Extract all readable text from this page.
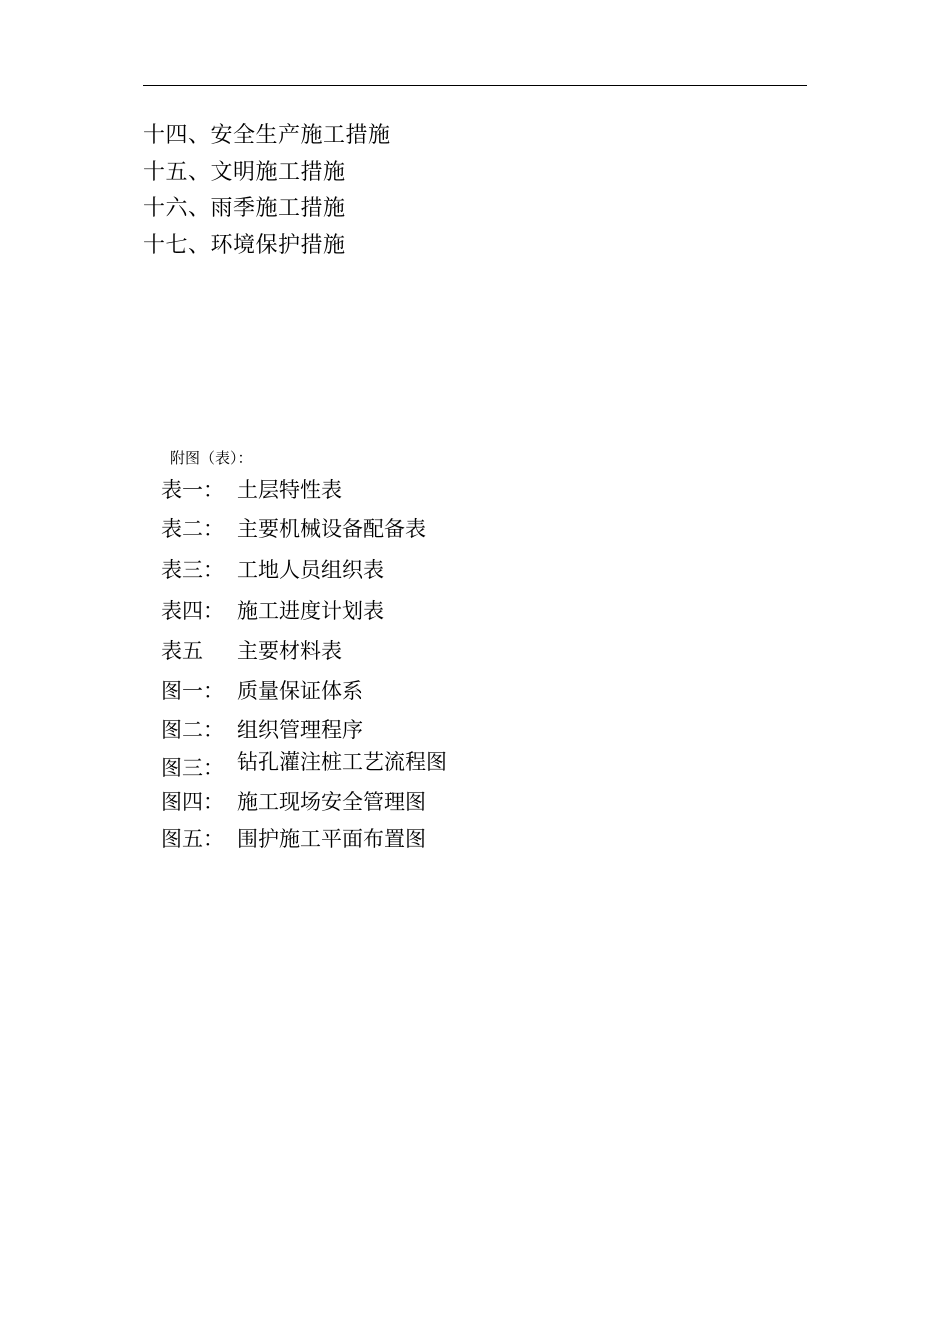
十四、安全生产施工措施
十五、文明施工措施
十六、雨季施工措施
十七、环境保护措施
附图（表）：
表一： 土层特性表
表二： 主要机械设备配备表
表三： 工地人员组织表
表四： 施工进度计划表
表五	主要材料表
图一： 质量保证体系
图二： 组织管理程序
图三： 钻孔灌注桩工艺流程图
图四： 施工现场安全管理图
图五： 围护施工平面布置图
